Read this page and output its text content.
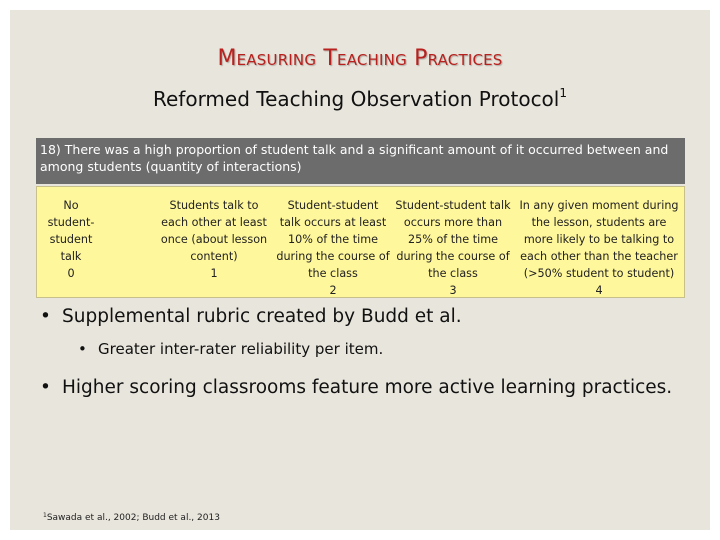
Measuring Teaching Practices
Reformed Teaching Observation Protocol$^1$
18) There was a high proportion of student talk and a significant amount of it occurred between and among students (quantity of interactions)
No student-student talk
0
Students talk to each other at least once (about lesson content)
1
Student-student talk occurs at least 10% of the time during the course of the class
2
Student-student talk occurs more than 25% of the time during the course of the class
3
In any given moment during the lesson, students are more likely to be talking to each other than the teacher (>50% student to student)
4
• Supplemental rubric created by Budd et al.
• Greater inter-rater reliability per item.
• Higher scoring classrooms feature more active learning practices.
$^1$Sawada et al., 2002; Budd et al., 2013
